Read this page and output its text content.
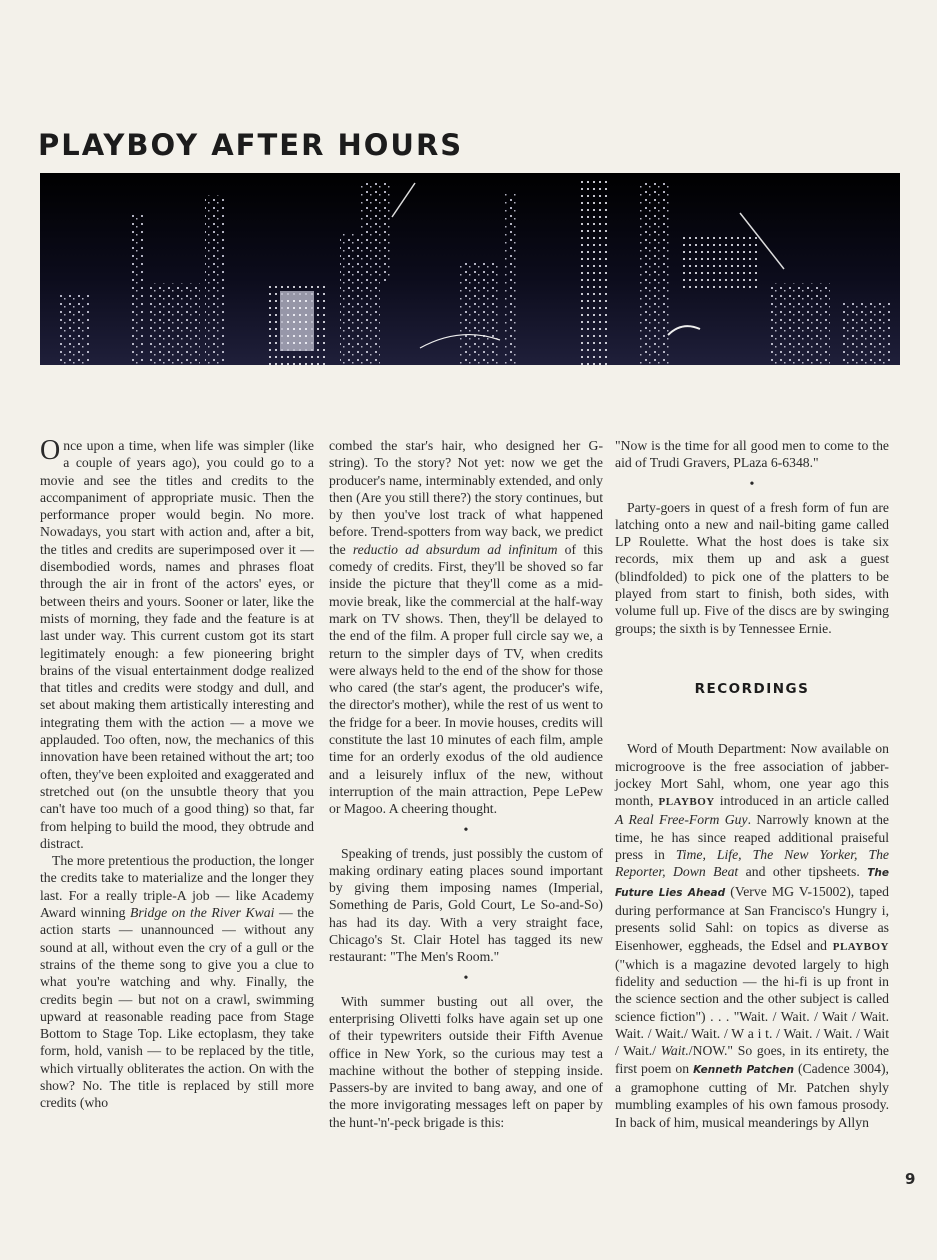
PLAYBOY AFTER HOURS

Once upon a time, when life was simpler (like a couple of years ago), you could go to a movie and see the titles and credits to the accompaniment of appropriate music. Then the performance proper would begin. No more. Nowadays, you start with action and, after a bit, the titles and credits are superimposed over it — disembodied words, names and phrases float through the air in front of the actors' eyes, or between theirs and yours. Sooner or later, like the mists of morning, they fade and the feature is at last under way. This current custom got its start legitimately enough: a few pioneering bright brains of the visual entertainment dodge realized that titles and credits were stodgy and dull, and set about making them artistically interesting and integrating them with the action — a move we applauded. Too often, now, the mechanics of this innovation have been retained without the art; too often, they've been exploited and exaggerated and stretched out (on the unsubtle theory that you can't have too much of a good thing) so that, far from helping to build the mood, they obtrude and distract.

The more pretentious the production, the longer the credits take to materialize and the longer they last. For a really triple-A job — like Academy Award winning Bridge on the River Kwai — the action starts — unannounced — without any sound at all, without even the cry of a gull or the strains of the theme song to give you a clue to what you're watching and why. Finally, the credits begin — but not on a crawl, swimming upward at reasonable reading pace from Stage Bottom to Stage Top. Like ectoplasm, they take form, hold, vanish — to be replaced by the title, which virtually obliterates the action. On with the show? No. The title is replaced by still more credits (who

combed the star's hair, who designed her G-string). To the story? Not yet: now we get the producer's name, interminably extended, and only then (Are you still there?) the story continues, but by then you've lost track of what happened before. Trend-spotters from way back, we predict the reductio ad absurdum ad infinitum of this comedy of credits. First, they'll be shoved so far inside the picture that they'll come as a mid-movie break, like the commercial at the half-way mark on TV shows. Then, they'll be delayed to the end of the film. A proper full circle say we, a return to the simpler days of TV, when credits were always held to the end of the show for those who cared (the star's agent, the producer's wife, the director's mother), while the rest of us went to the fridge for a beer. In movie houses, credits will constitute the last 10 minutes of each film, ample time for an orderly exodus of the old audience and a leisurely influx of the new, without interruption of the main attraction, Pepe LePew or Magoo. A cheering thought.

•

Speaking of trends, just possibly the custom of making ordinary eating places sound important by giving them imposing names (Imperial, Something de Paris, Gold Court, Le So-and-So) has had its day. With a very straight face, Chicago's St. Clair Hotel has tagged its new restaurant: "The Men's Room."

•

With summer busting out all over, the enterprising Olivetti folks have again set up one of their typewriters outside their Fifth Avenue office in New York, so the curious may test a machine without the bother of stepping inside. Passers-by are invited to bang away, and one of the more invigorating messages left on paper by the hunt-'n'-peck brigade is this:

"Now is the time for all good men to come to the aid of Trudi Gravers, PLaza 6-6348."

•

Party-goers in quest of a fresh form of fun are latching onto a new and nail-biting game called LP Roulette. What the host does is take six records, mix them up and ask a guest (blindfolded) to pick one of the platters to be played from start to finish, both sides, with volume full up. Five of the discs are by swinging groups; the sixth is by Tennessee Ernie.

RECORDINGS

Word of Mouth Department: Now available on microgroove is the free association of jabber-jockey Mort Sahl, whom, one year ago this month, PLAYBOY introduced in an article called A Real Free-Form Guy. Narrowly known at the time, he has since reaped additional praiseful press in Time, Life, The New Yorker, The Reporter, Down Beat and other tipsheets. The Future Lies Ahead (Verve MG V-15002), taped during performance at San Francisco's Hungry i, presents solid Sahl: on topics as diverse as Eisenhower, eggheads, the Edsel and PLAYBOY ("which is a magazine devoted largely to high fidelity and seduction — the hi-fi is up front in the science section and the other subject is called science fiction") . . . "Wait. / Wait. / Wait / Wait. Wait. / Wait./ Wait. / W a i t. / Wait. / Wait. / Wait / Wait./ Wait./NOW." So goes, in its entirety, the first poem on Kenneth Patchen (Cadence 3004), a gramophone cutting of Mr. Patchen shyly mumbling examples of his own famous prosody. In back of him, musical meanderings by Allyn

9
